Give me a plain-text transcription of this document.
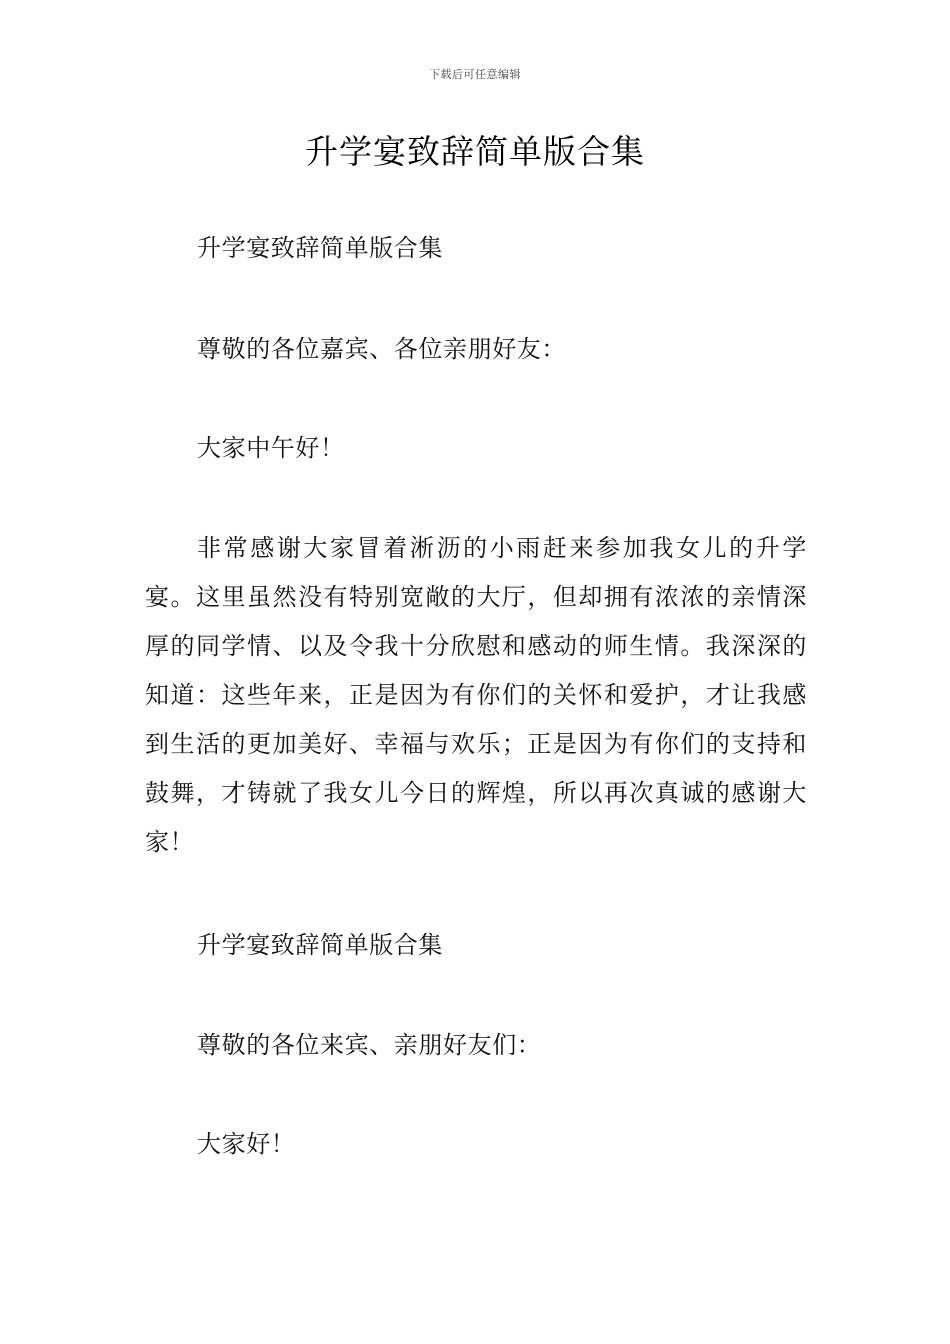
下载后可任意编辑
升学宴致辞简单版合集

升学宴致辞简单版合集

尊敬的各位嘉宾、各位亲朋好友：

大家中午好！

非常感谢大家冒着淅沥的小雨赶来参加我女儿的升学宴。这里虽然没有特别宽敞的大厅，但却拥有浓浓的亲情深厚的同学情、以及令我十分欣慰和感动的师生情。我深深的知道：这些年来，正是因为有你们的关怀和爱护，才让我感到生活的更加美好、幸福与欢乐；正是因为有你们的支持和鼓舞，才铸就了我女儿今日的辉煌，所以再次真诚的感谢大家！

升学宴致辞简单版合集

尊敬的各位来宾、亲朋好友们：

大家好！
